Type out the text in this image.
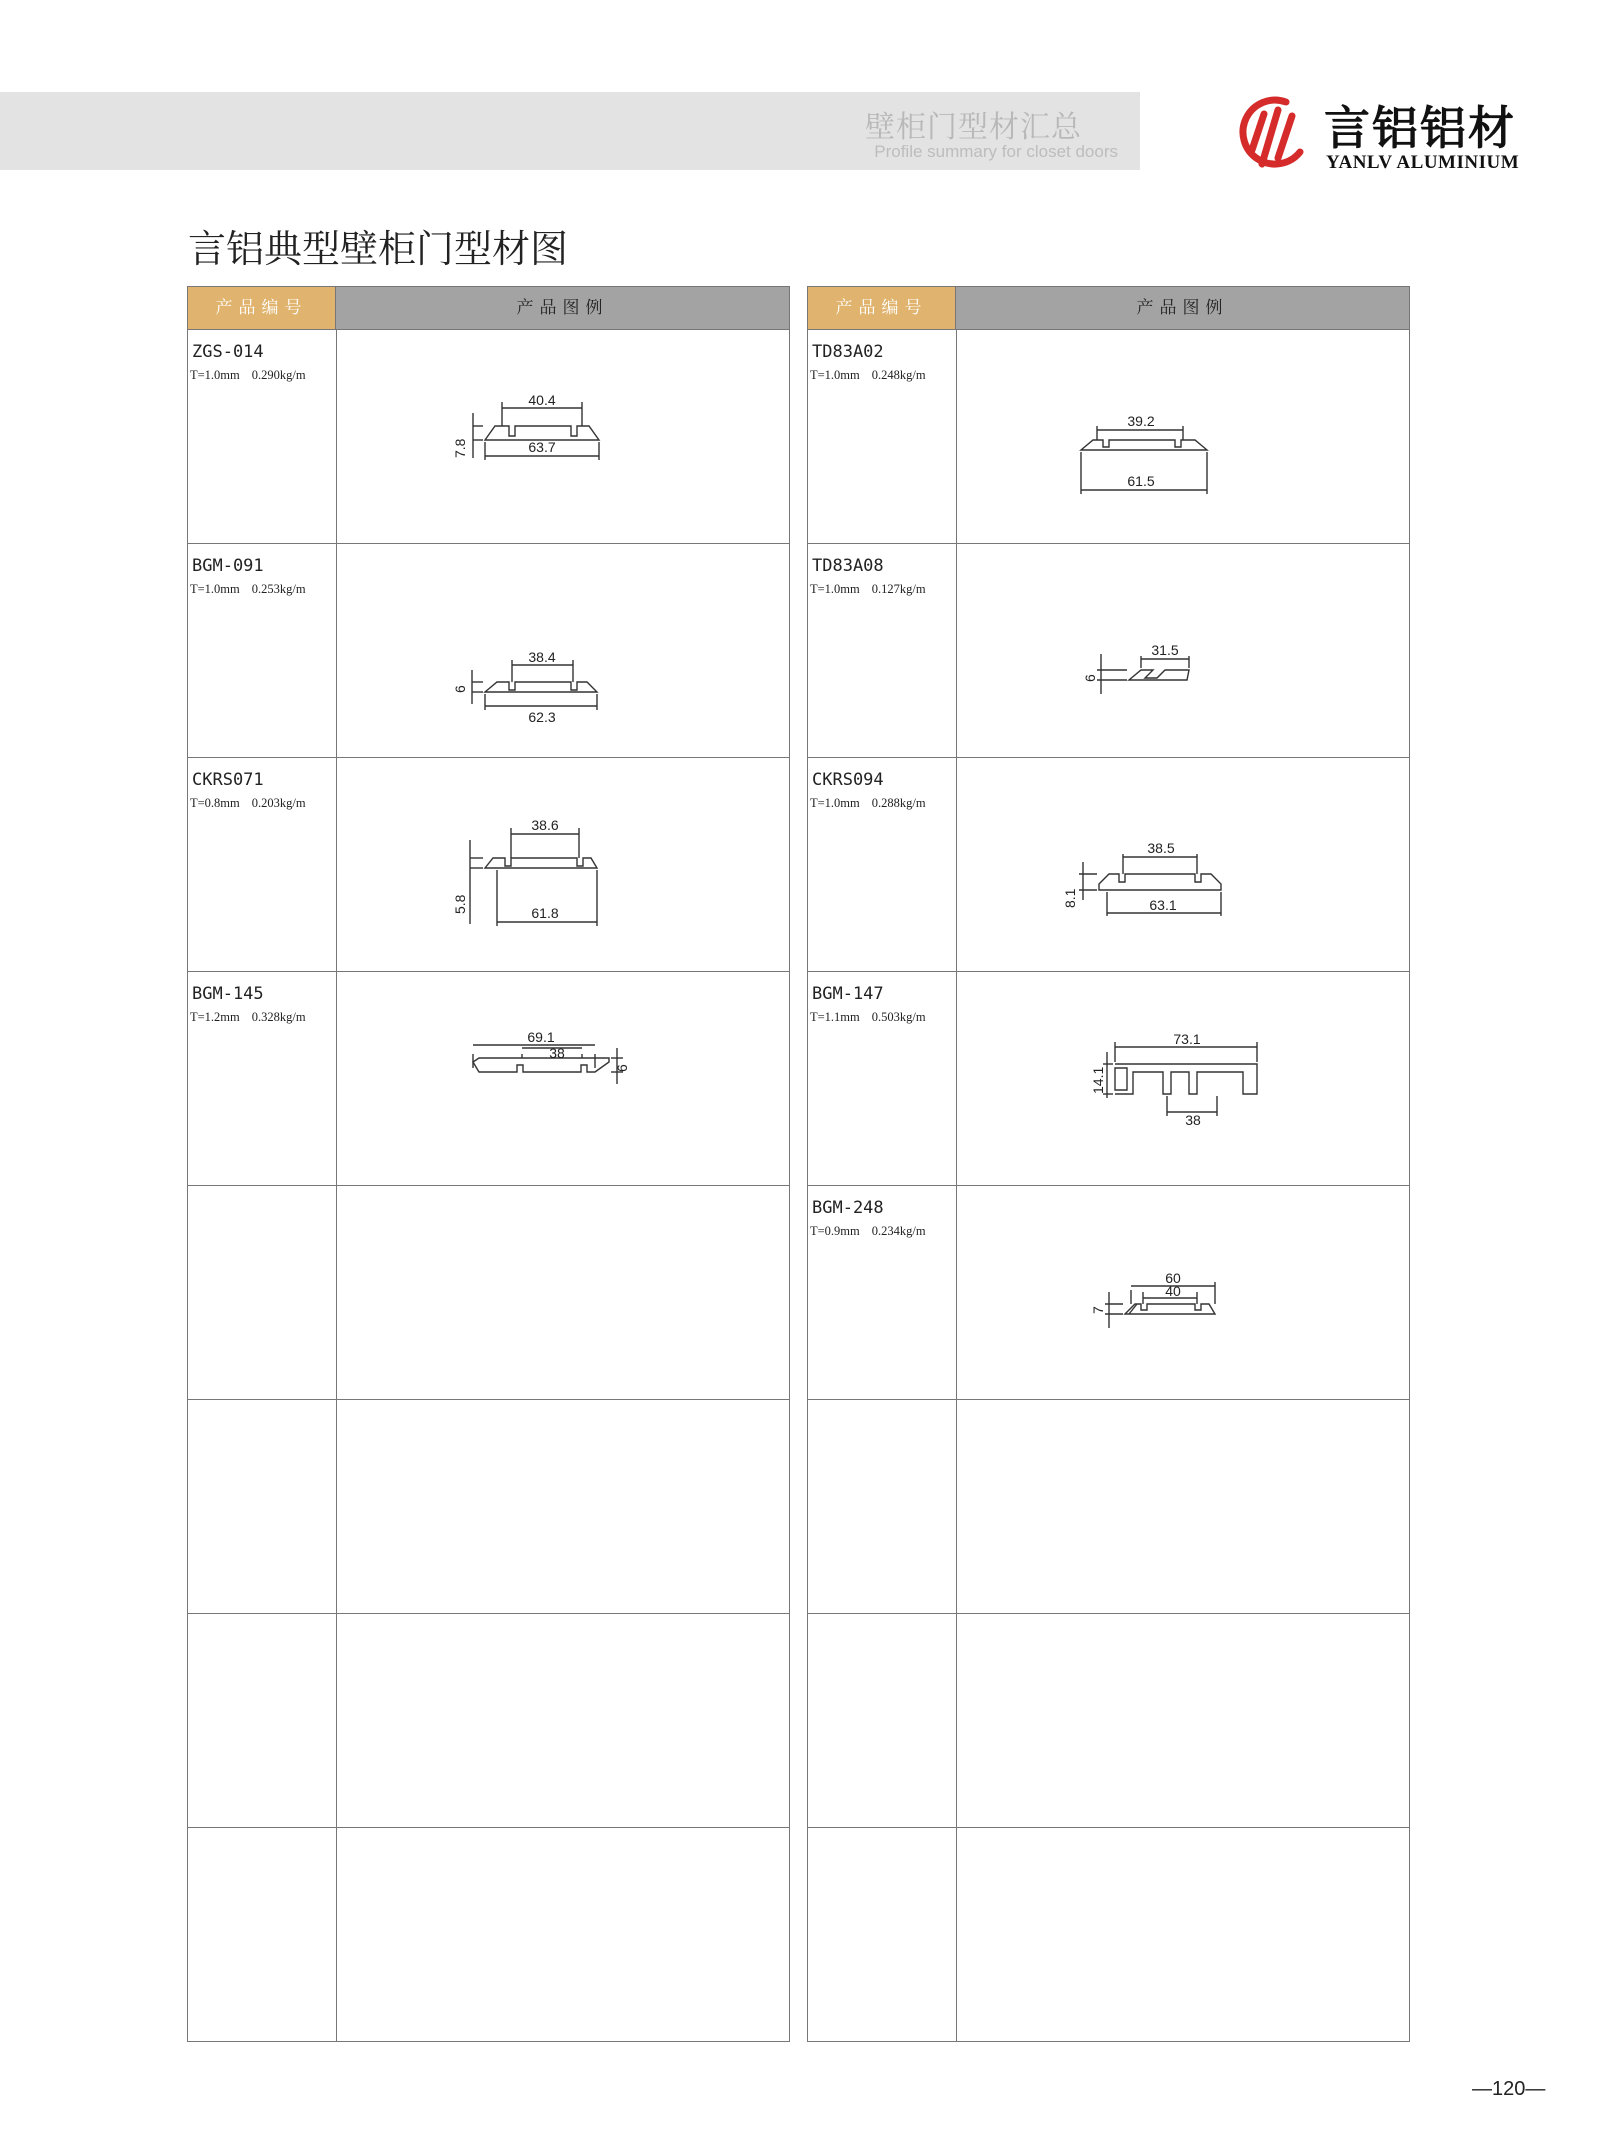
壁柜门型材汇总
Profile summary for closet doors	言铝铝材
YANLV ALUMINIUM
言铝典型壁柜门型材图
产品编号	产品图例
ZGS-014
T=1.0mm 0.290kg/m
40.4
63.7
7.8
BGM-091
T=1.0mm 0.253kg/m
38.4
62.3
6
CKRS071
T=0.8mm 0.203kg/m
38.6
61.8
5.8
BGM-145
T=1.2mm 0.328kg/m
69.1
38
6
产品编号	产品图例
TD83A02
T=1.0mm 0.248kg/m
39.2
61.5
TD83A08
T=1.0mm 0.127kg/m
31.5
6
CKRS094
T=1.0mm 0.288kg/m
38.5
63.1
8.1
BGM-147
T=1.1mm 0.503kg/m
73.1
14.1
38
BGM-248
T=0.9mm 0.234kg/m
60
40
7
—120—
